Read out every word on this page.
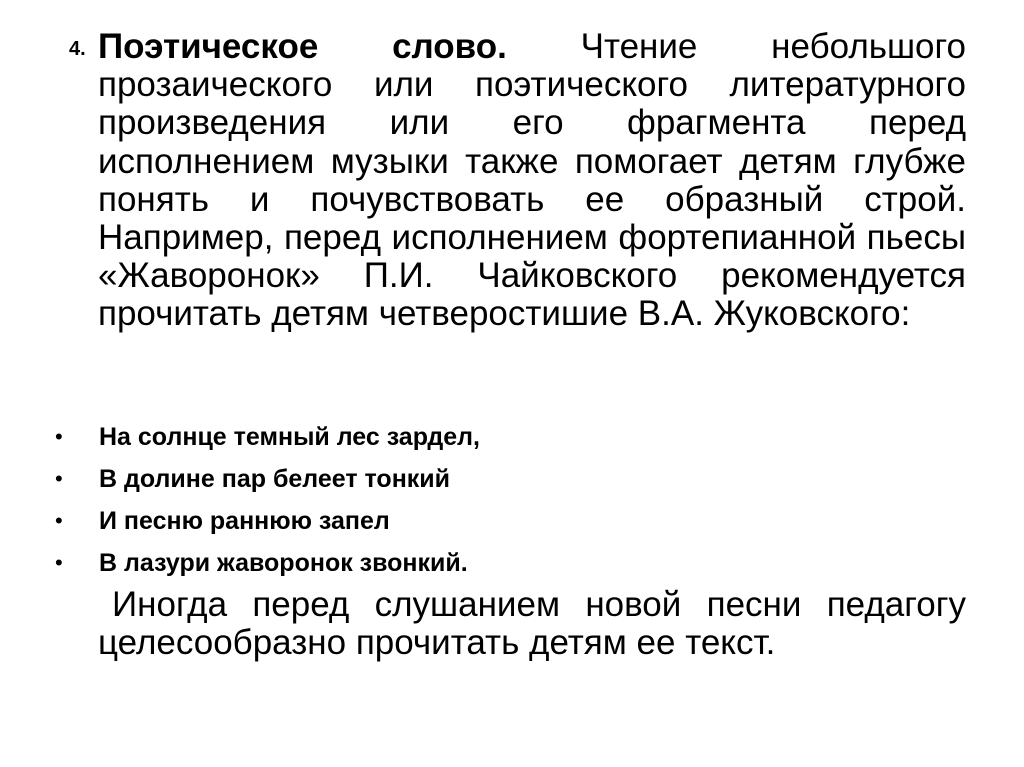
4. Поэтическое слово. Чтение небольшого прозаического или поэтического литературного произведения или его фрагмента перед исполнением музыки также помогает детям глубже понять и почувствовать ее образный строй. Например, перед исполнением фортепианной пьесы «Жаворонок» П.И. Чайковского рекомендуется прочитать детям четверостишие В.А. Жуковского:
• На солнце темный лес зардел,
• В долине пар белеет тонкий
• И песню раннюю запел
• В лазури жаворонок звонкий.
Иногда перед слушанием новой песни педагогу целесообразно прочитать детям ее текст.
